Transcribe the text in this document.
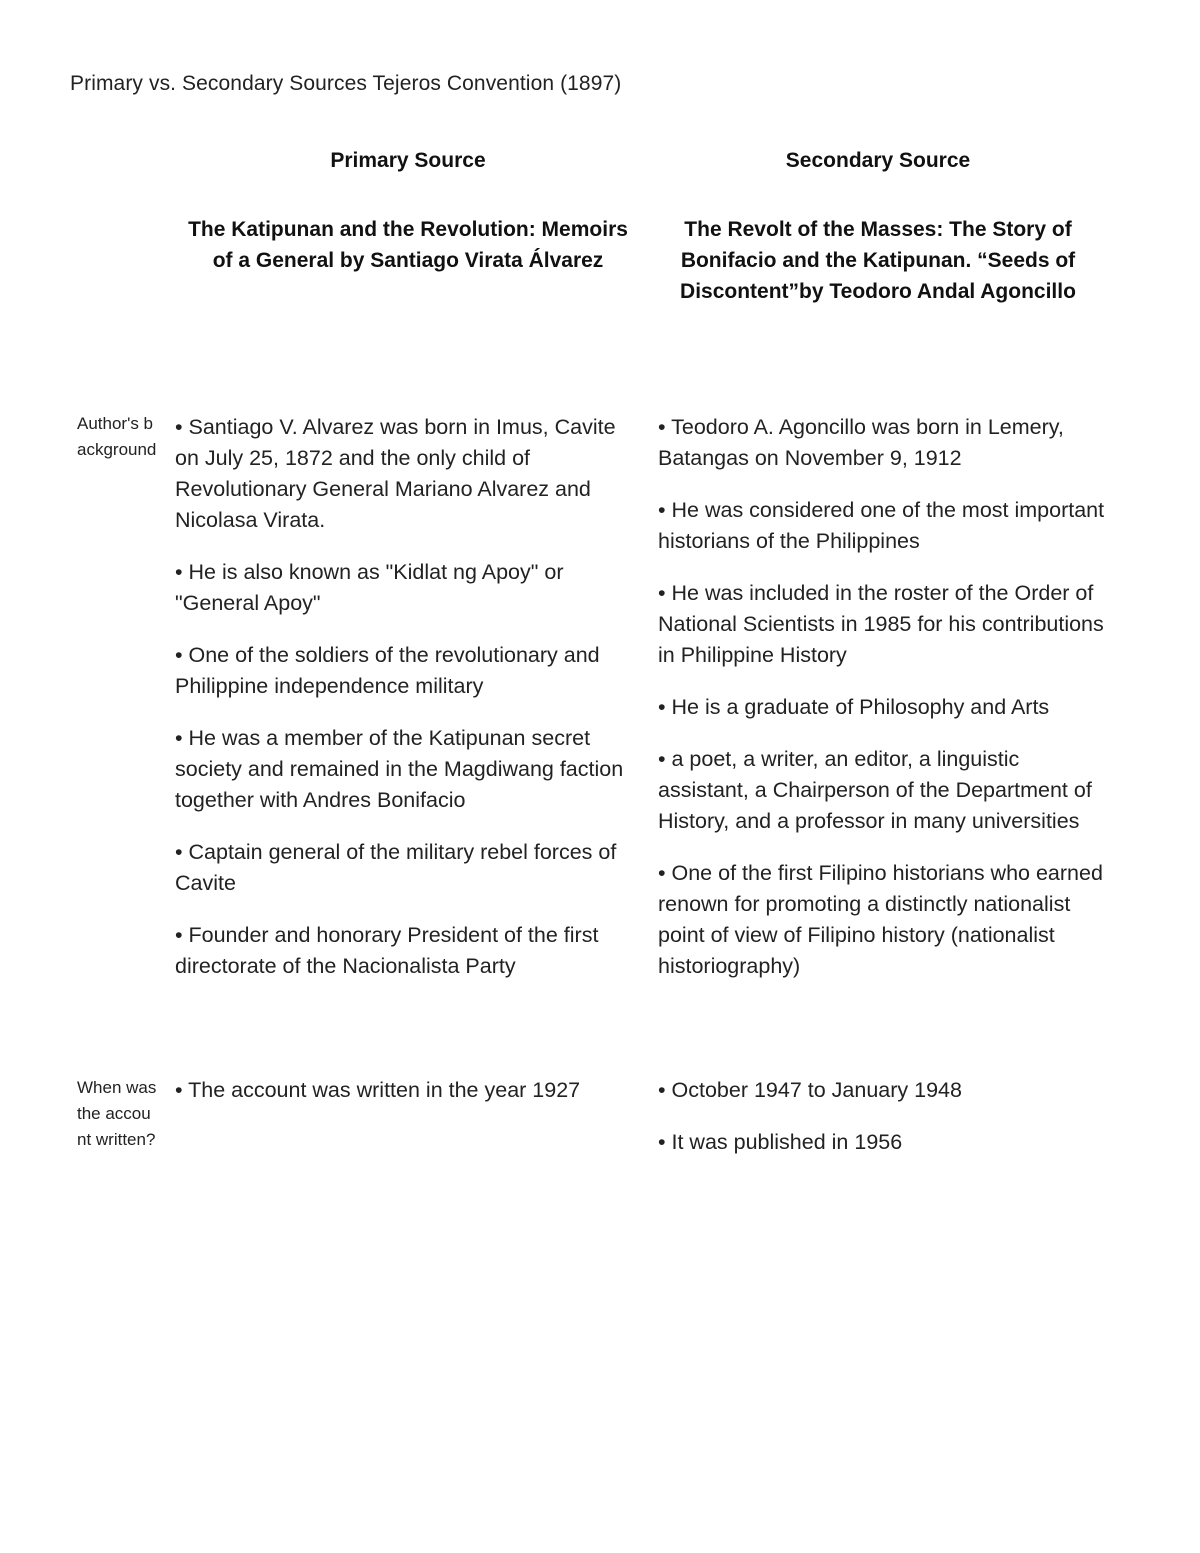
Primary vs. Secondary Sources Tejeros Convention (1897)
Primary Source	Secondary Source
The Katipunan and the Revolution: Memoirs of a General by Santiago Virata Álvarez
The Revolt of the Masses: The Story of Bonifacio and the Katipunan. “Seeds of Discontent”by Teodoro Andal Agoncillo
Author's background

• Santiago V. Alvarez was born in Imus, Cavite on July 25, 1872 and the only child of Revolutionary General Mariano Alvarez and Nicolasa Virata.

• He is also known as "Kidlat ng Apoy" or "General Apoy"

• One of the soldiers of the revolutionary and Philippine independence military

• He was a member of the Katipunan secret society and remained in the Magdiwang faction together with Andres Bonifacio

• Captain general of the military rebel forces of Cavite

• Founder and honorary President of the first directorate of the Nacionalista Party

• Teodoro A. Agoncillo was born in Lemery, Batangas on November 9, 1912

• He was considered one of the most important historians of the Philippines

• He was included in the roster of the Order of National Scientists in 1985 for his contributions in Philippine History

• He is a graduate of Philosophy and Arts

• a poet, a writer, an editor, a linguistic assistant, a Chairperson of the Department of History, and a professor in many universities

• One of the first Filipino historians who earned renown for promoting a distinctly nationalist point of view of Filipino history (nationalist historiography)

When was the account written?

• The account was written in the year 1927	• October 1947 to January 1948

• It was published in 1956
